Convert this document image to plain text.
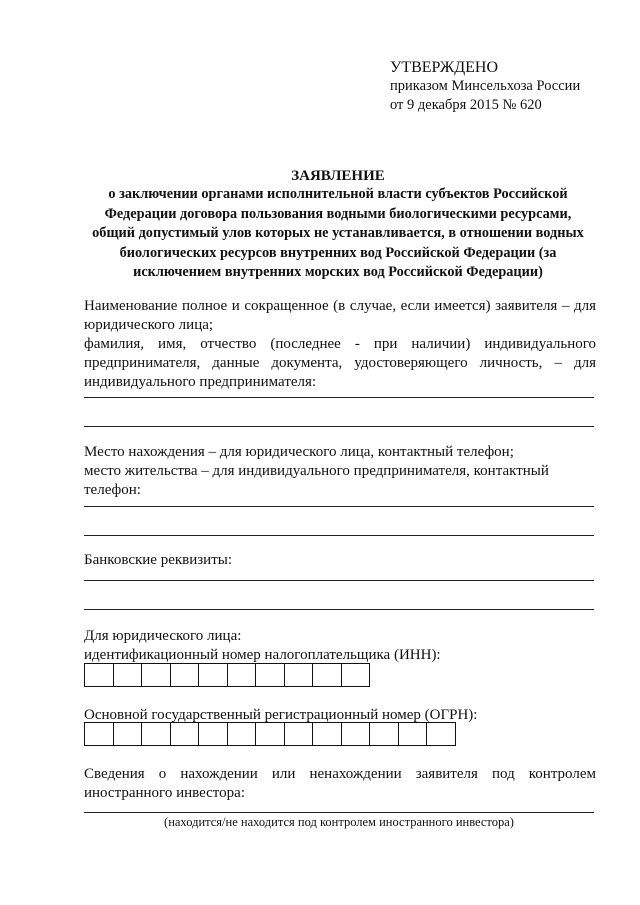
УТВЕРЖДЕНО
приказом Минсельхоза России
от 9 декабря 2015 № 620
ЗАЯВЛЕНИЕ
о заключении органами исполнительной власти субъектов Российской
Федерации договора пользования водными биологическими ресурсами,
общий допустимый улов которых не устанавливается, в отношении водных
биологических ресурсов внутренних вод Российской Федерации (за
исключением внутренних морских вод Российской Федерации)
Наименование полное и сокращенное (в случае, если имеется) заявителя – для
юридического лица;
фамилия, имя, отчество (последнее - при наличии) индивидуального
предпринимателя, данные документа, удостоверяющего личность, – для
индивидуального предпринимателя:
Место нахождения – для юридического лица, контактный телефон;
место жительства – для индивидуального предпринимателя, контактный
телефон:
Банковские реквизиты:
Для юридического лица:
идентификационный номер налогоплательщика (ИНН):
Основной государственный регистрационный номер (ОГРН):
Сведения о нахождении или ненахождении заявителя под контролем
иностранного инвестора:
(находится/не находится под контролем иностранного инвестора)
